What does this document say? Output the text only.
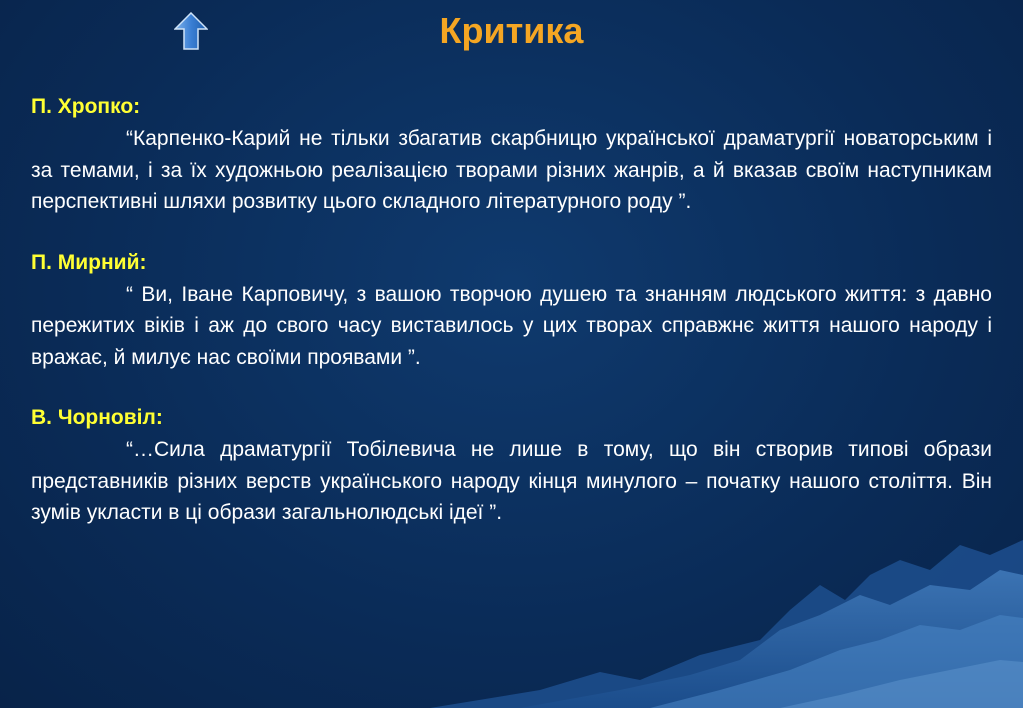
Критика
П. Хропко:

“Карпенко-Карий не тільки збагатив скарбницю української драматургії новаторським і за темами, і за їх художньою реалізацією творами різних жанрів, а й вказав своїм наступникам перспективні шляхи розвитку цього складного літературного роду ”.

П. Мирний:

“ Ви, Іване Карповичу, з вашою творчою душею та знанням людського життя: з давно пережитих віків і аж до свого часу виставилось у цих творах справжнє життя нашого народу і вражає, й милує нас своїми проявами ”.

В. Чорновіл:

“…Сила драматургії Тобілевича не лише в тому, що він створив типові образи представників різних верств українського народу кінця минулого – початку нашого століття. Він зумів укласти в ці образи загальнолюдські ідеї ”.
